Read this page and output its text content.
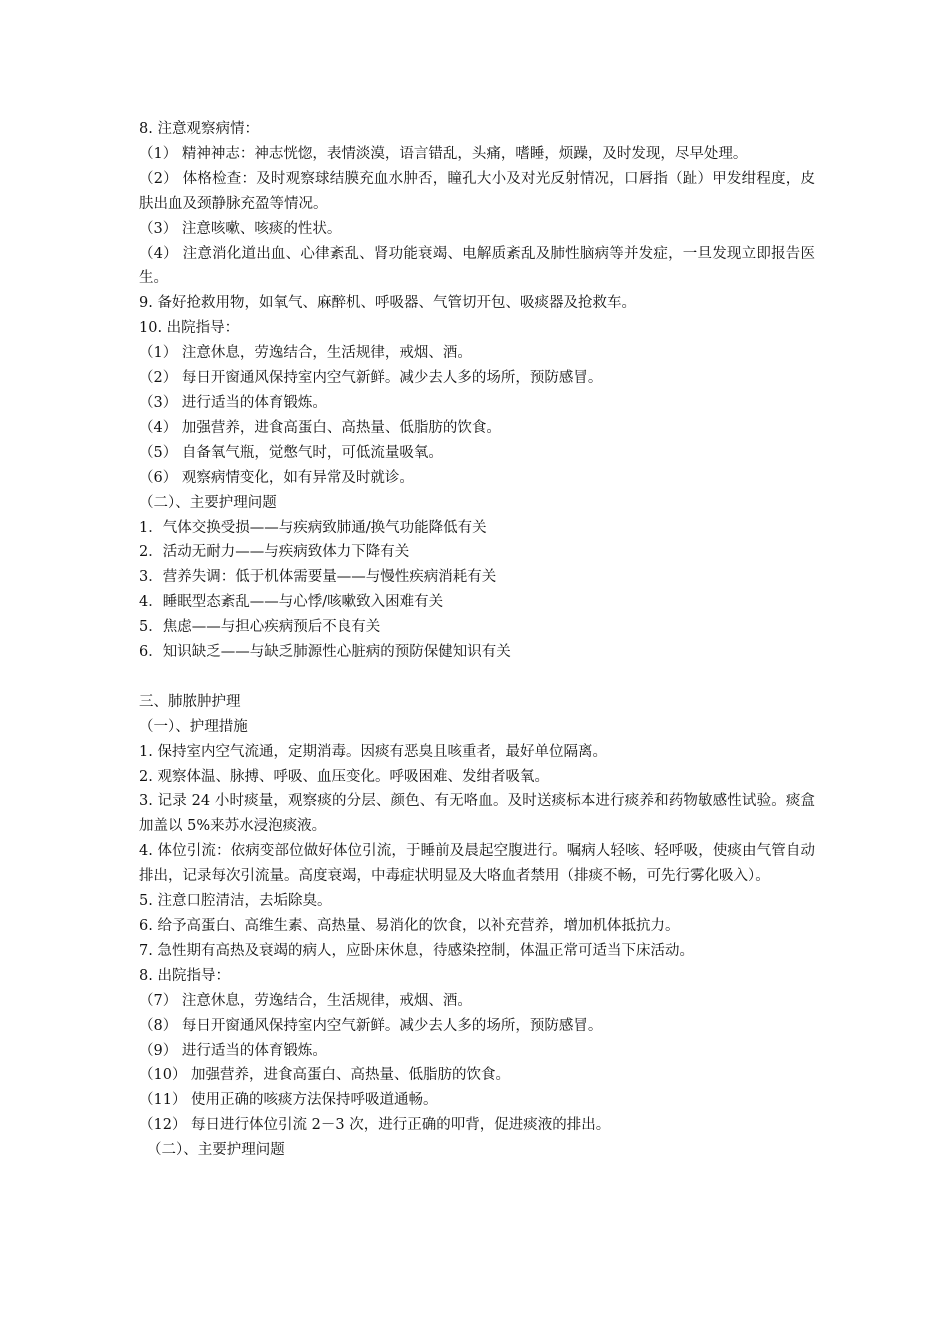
8. 注意观察病情：
（1） 精神神志：神志恍惚，表情淡漠，语言错乱，头痛，嗜睡，烦躁，及时发现，尽早处理。
（2） 体格检查：及时观察球结膜充血水肿否，瞳孔大小及对光反射情况，口唇指（趾）甲发绀程度，皮肤出血及颈静脉充盈等情况。
（3） 注意咳嗽、咳痰的性状。
（4） 注意消化道出血、心律紊乱、肾功能衰竭、电解质紊乱及肺性脑病等并发症，一旦发现立即报告医生。
9. 备好抢救用物，如氧气、麻醉机、呼吸器、气管切开包、吸痰器及抢救车。
10. 出院指导：
（1） 注意休息，劳逸结合，生活规律，戒烟、酒。
（2） 每日开窗通风保持室内空气新鲜。减少去人多的场所，预防感冒。
（3） 进行适当的体育锻炼。
（4） 加强营养，进食高蛋白、高热量、低脂肪的饮食。
（5） 自备氧气瓶，觉憋气时，可低流量吸氧。
（6） 观察病情变化，如有异常及时就诊。
（二）、主要护理问题
1．气体交换受损——与疾病致肺通/换气功能降低有关
2．活动无耐力——与疾病致体力下降有关
3．营养失调：低于机体需要量——与慢性疾病消耗有关
4．睡眠型态紊乱——与心悸/咳嗽致入困难有关
5．焦虑——与担心疾病预后不良有关
6．知识缺乏——与缺乏肺源性心脏病的预防保健知识有关
三、肺脓肿护理
（一）、护理措施
1. 保持室内空气流通，定期消毒。因痰有恶臭且咳重者，最好单位隔离。
2. 观察体温、脉搏、呼吸、血压变化。呼吸困难、发绀者吸氧。
3. 记录 24 小时痰量，观察痰的分层、颜色、有无咯血。及时送痰标本进行痰养和药物敏感性试验。痰盒加盖以 5%来苏水浸泡痰液。
4. 体位引流：依病变部位做好体位引流，于睡前及晨起空腹进行。嘱病人轻咳、轻呼吸，使痰由气管自动排出，记录每次引流量。高度衰竭，中毒症状明显及大咯血者禁用（排痰不畅，可先行雾化吸入）。
5. 注意口腔清洁，去垢除臭。
6. 给予高蛋白、高维生素、高热量、易消化的饮食，以补充营养，增加机体抵抗力。
7. 急性期有高热及衰竭的病人，应卧床休息，待感染控制，体温正常可适当下床活动。
8. 出院指导：
（7） 注意休息，劳逸结合，生活规律，戒烟、酒。
（8） 每日开窗通风保持室内空气新鲜。减少去人多的场所，预防感冒。
（9） 进行适当的体育锻炼。
（10） 加强营养，进食高蛋白、高热量、低脂肪的饮食。
（11） 使用正确的咳痰方法保持呼吸道通畅。
（12） 每日进行体位引流 2－3 次，进行正确的叩背，促进痰液的排出。
（二）、主要护理问题
